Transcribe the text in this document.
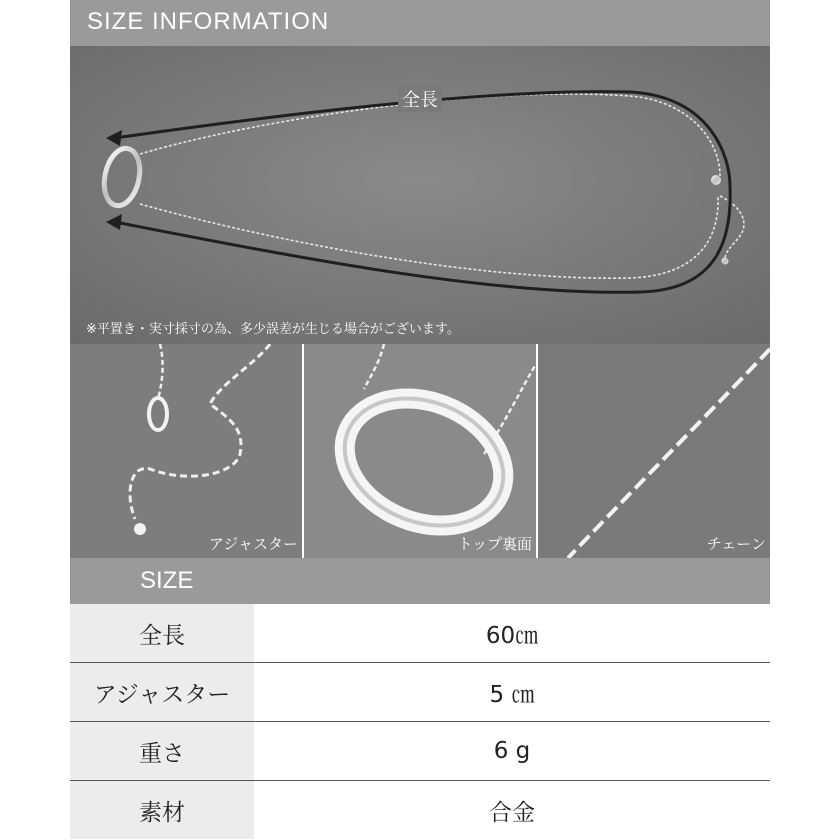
SIZE INFORMATION
全長
※平置き・実寸採寸の為、多少誤差が生じる場合がございます。
アジャスター	トップ裏面	チェーン
SIZE
全長	60㎝
アジャスター	5 ㎝
重さ	6 g
素材	合金
